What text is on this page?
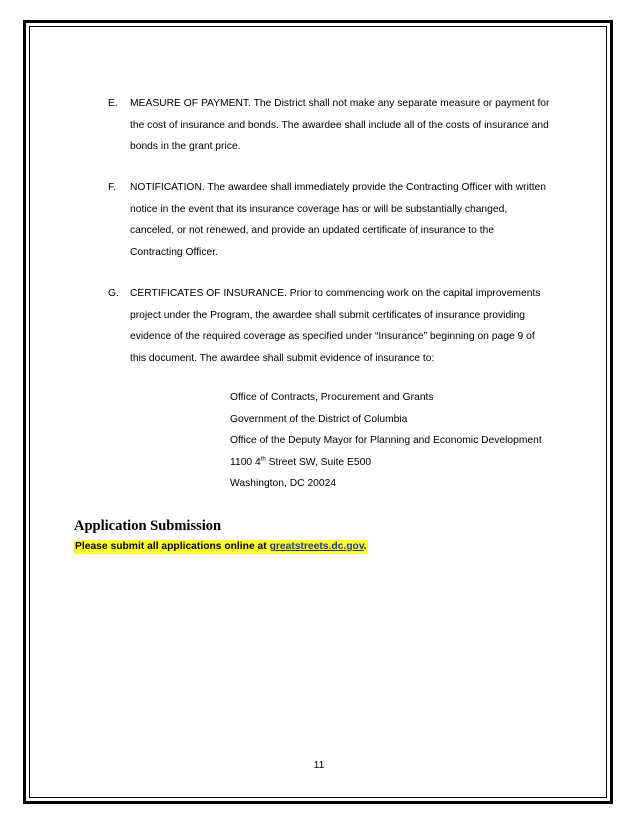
E. MEASURE OF PAYMENT. The District shall not make any separate measure or payment for
the cost of insurance and bonds. The awardee shall include all of the costs of insurance and
bonds in the grant price.
F. NOTIFICATION. The awardee shall immediately provide the Contracting Officer with written
notice in the event that its insurance coverage has or will be substantially changed,
canceled, or not renewed, and provide an updated certificate of insurance to the
Contracting Officer.
G. CERTIFICATES OF INSURANCE. Prior to commencing work on the capital improvements
project under the Program, the awardee shall submit certificates of insurance providing
evidence of the required coverage as specified under “Insurance” beginning on page 9 of
this document. The awardee shall submit evidence of insurance to:
Office of Contracts, Procurement and Grants
Government of the District of Columbia
Office of the Deputy Mayor for Planning and Economic Development
1100 4th Street SW, Suite E500
Washington, DC 20024
Application Submission
Please submit all applications online at greatstreets.dc.gov.
11
